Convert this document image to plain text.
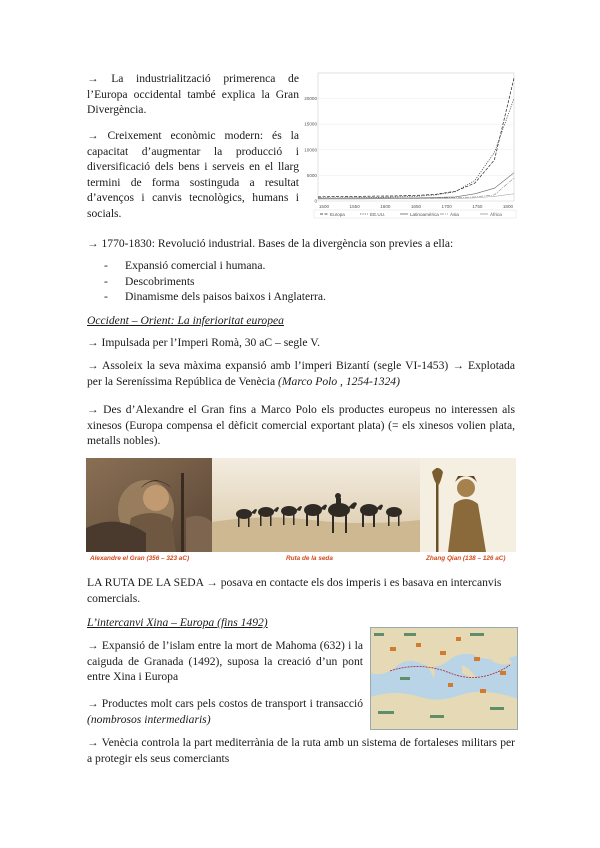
→ La industrialització primerenca de l’Europa occidental també explica la Gran Divergència.

→ Creixement econòmic modern: és la capacitat d’augmentar la producció i diversificació dels bens i serveis en el llarg termini de forma sostinguda a resultat d’avenços i canvis tecnològics, humans i socials.

1500	1550	1600	1650	1700	1750	1800
0
5000
10000
15000
20000
Europa	EE.UU.	Latinoamèrica Àsia	Àfrica

→ 1770-1830: Revolució industrial. Bases de la divergència son previes a ella:

- Expansió comercial i humana.
- Descobriments
- Dinamisme dels paisos baixos i Anglaterra.

Occident – Orient: La inferioritat europea

→ Impulsada per l’Imperi Romà, 30 aC – segle V.

→ Assoleix la seva màxima expansió amb l’imperi Bizantí (segle VI-1453) → Explotada per la Sereníssima República de Venècia (Marco Polo , 1254-1324)

→ Des d’Alexandre el Gran fins a Marco Polo els productes europeus no interessen als xinesos (Europa compensa el dèficit comercial exportant plata) (= els xinesos volien plata, metalls nobles).

Alexandre el Gran (356 – 323 aC)	Ruta de la seda	Zhang Qian (138 – 126 aC)

LA RUTA DE LA SEDA → posava en contacte els dos imperis i es basava en intercanvis comercials.

L’intercanvi Xina – Europa (fins 1492)

→ Expansió de l’islam entre la mort de Mahoma (632) i la caiguda de Granada (1492), suposa la creació d’un pont entre Xina i Europa

→ Productes molt cars pels costos de transport i transacció (nombrosos intermediaris)

→ Venècia controla la part mediterrània de la ruta amb un sistema de fortaleses militars per a protegir els seus comerciants
